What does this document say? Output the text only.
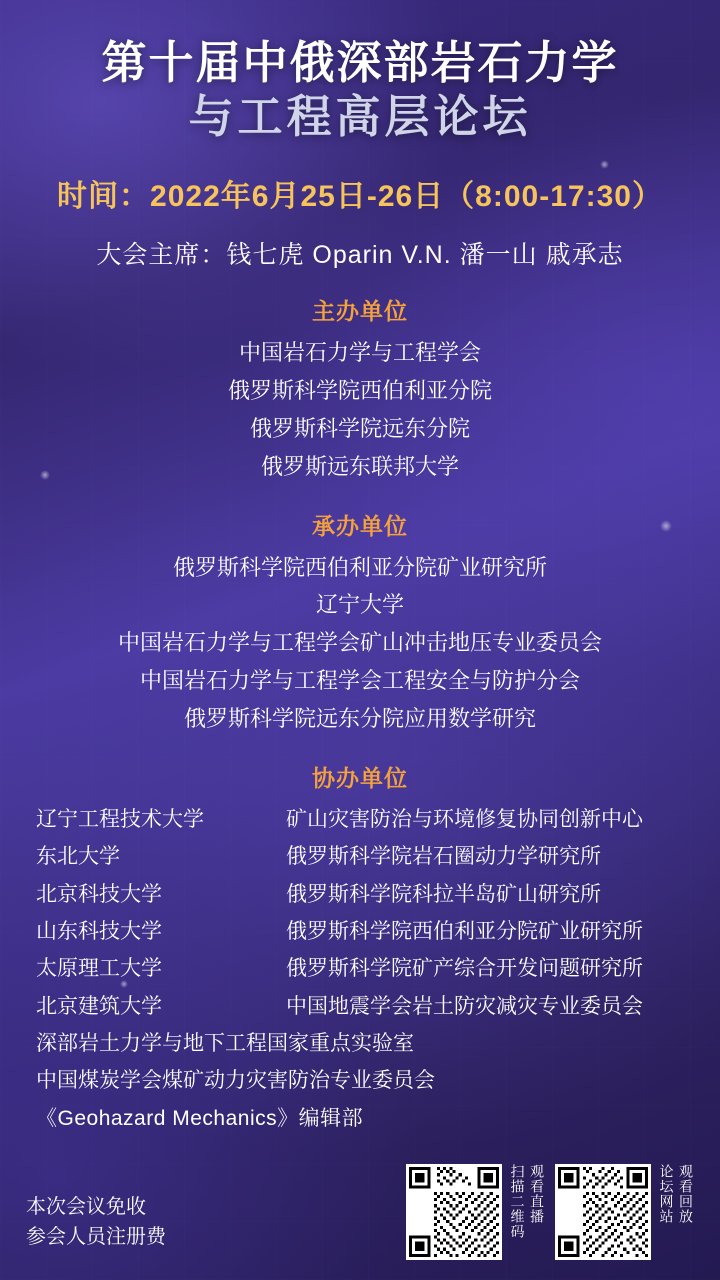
第十届中俄深部岩石力学
与工程高层论坛
时间：2022年6月25日-26日（8:00-17:30）
大会主席：钱七虎 Oparin V.N. 潘一山 戚承志
主办单位
中国岩石力学与工程学会
俄罗斯科学院西伯利亚分院
俄罗斯科学院远东分院
俄罗斯远东联邦大学
承办单位
俄罗斯科学院西伯利亚分院矿业研究所
辽宁大学
中国岩石力学与工程学会矿山冲击地压专业委员会
中国岩石力学与工程学会工程安全与防护分会
俄罗斯科学院远东分院应用数学研究
协办单位
辽宁工程技术大学	矿山灾害防治与环境修复协同创新中心
东北大学	俄罗斯科学院岩石圈动力学研究所
北京科技大学	俄罗斯科学院科拉半岛矿山研究所
山东科技大学	俄罗斯科学院西伯利亚分院矿业研究所
太原理工大学	俄罗斯科学院矿产综合开发问题研究所
北京建筑大学	中国地震学会岩土防灾减灾专业委员会
深部岩土力学与地下工程国家重点实验室
中国煤炭学会煤矿动力灾害防治专业委员会
《Geohazard Mechanics》编辑部
本次会议免收
参会人员注册费	扫描二维码 观看直播	论坛网站 观看回放
